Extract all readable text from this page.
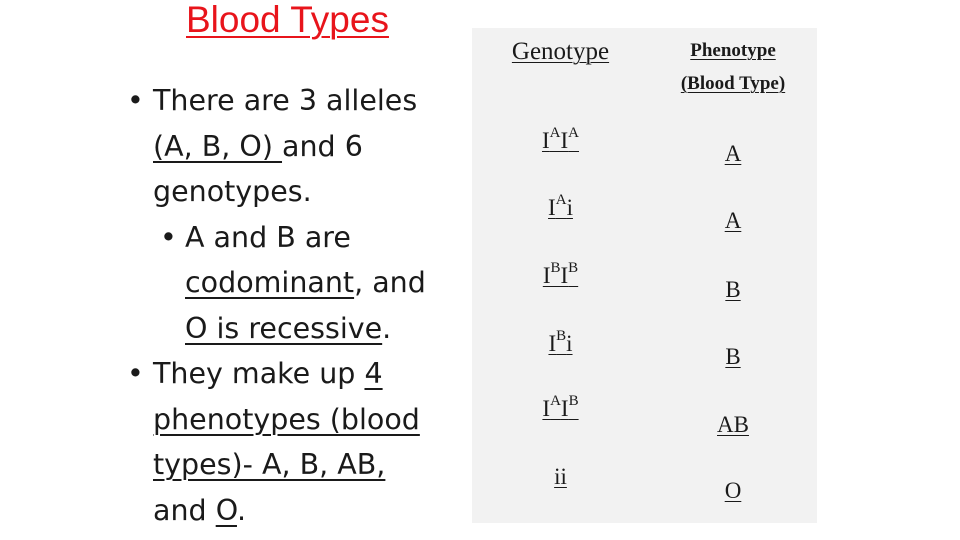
Blood Types
• There are 3 alleles
(A, B, O) and 6
genotypes.
• A and B are
codominant, and
O is recessive.
• They make up 4
phenotypes (blood
types)- A, B, AB,
and O.
Genotype
$I^AI^A$
$I^Ai$
$I^BI^B$
$I^Bi$
$I^AI^B$
ii
Phenotype
(Blood Type)
A
A
B
B
AB
O
